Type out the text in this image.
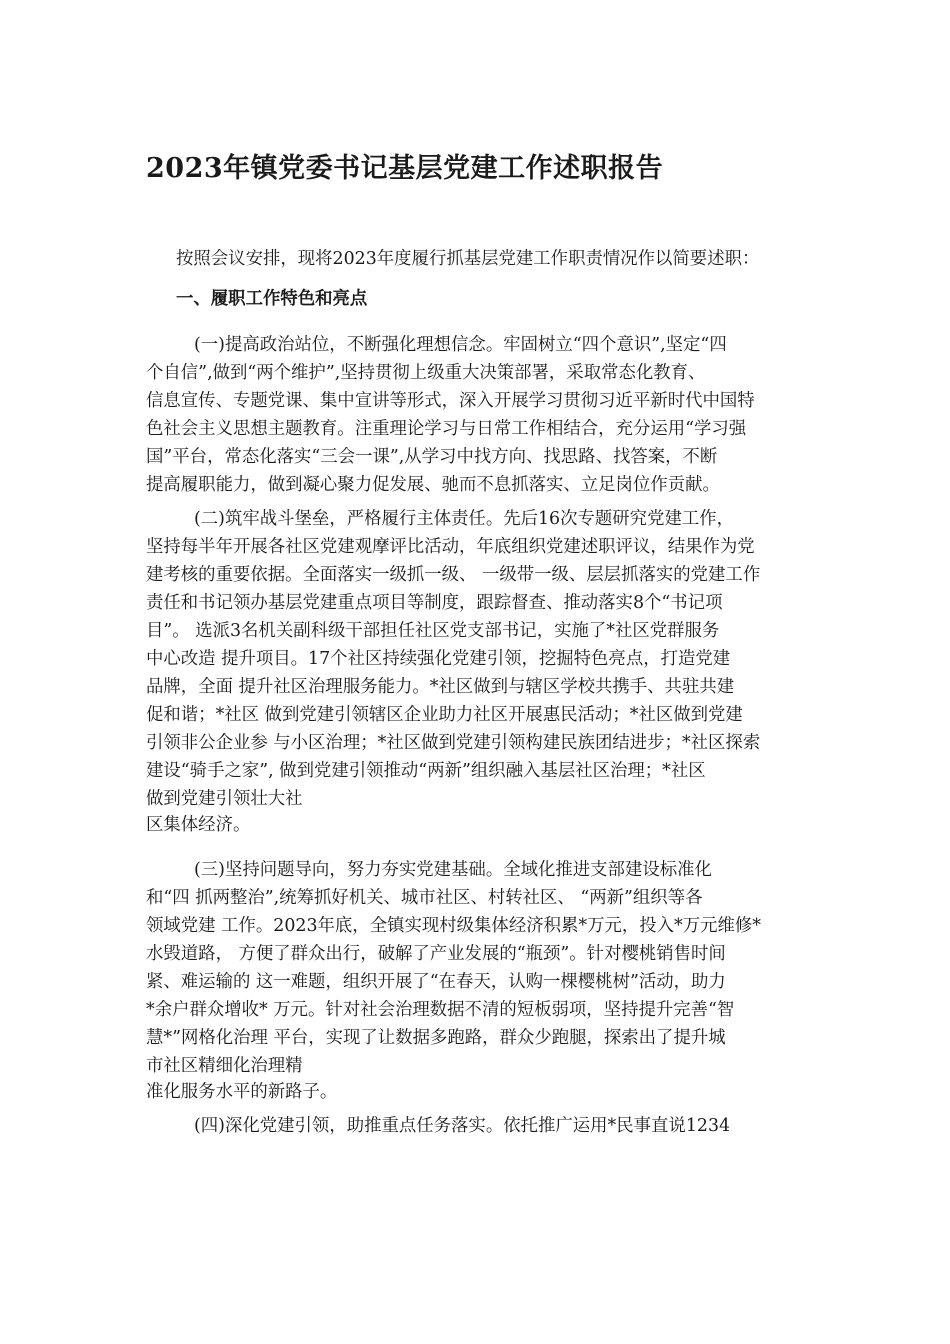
2023年镇党委书记基层党建工作述职报告
按照会议安排，现将2023年度履行抓基层党建工作职责情况作以简要述职：
一、履职工作特色和亮点
(一)提高政治站位，不断强化理想信念。牢固树立“四个意识”,坚定“四
个自信”,做到“两个维护”,坚持贯彻上级重大决策部署，采取常态化教育、
信息宣传、专题党课、集中宣讲等形式，深入开展学习贯彻习近平新时代中国特
色社会主义思想主题教育。注重理论学习与日常工作相结合，充分运用“学习强
国”平台，常态化落实“三会一课”,从学习中找方向、找思路、找答案，不断
提高履职能力，做到凝心聚力促发展、驰而不息抓落实、立足岗位作贡献。
(二)筑牢战斗堡垒，严格履行主体责任。先后16次专题研究党建工作，
坚持每半年开展各社区党建观摩评比活动，年底组织党建述职评议，结果作为党
建考核的重要依据。全面落实一级抓一级、 一级带一级、层层抓落实的党建工作
责任和书记领办基层党建重点项目等制度，跟踪督查、推动落实8个“书记项
目”。 选派3名机关副科级干部担任社区党支部书记，实施了*社区党群服务
中心改造 提升项目。17个社区持续强化党建引领，挖掘特色亮点，打造党建
品牌，全面 提升社区治理服务能力。*社区做到与辖区学校共携手、共驻共建
促和谐；*社区 做到党建引领辖区企业助力社区开展惠民活动；*社区做到党建
引领非公企业参 与小区治理；*社区做到党建引领构建民族团结进步；*社区探索
建设“骑手之家”, 做到党建引领推动“两新”组织融入基层社区治理；*社区
做到党建引领壮大社
区集体经济。
(三)坚持问题导向，努力夯实党建基础。全域化推进支部建设标准化
和“四 抓两整治”,统筹抓好机关、城市社区、村转社区、 “两新”组织等各
领域党建 工作。2023年底，全镇实现村级集体经济积累*万元，投入*万元维修*
水毁道路， 方便了群众出行，破解了产业发展的“瓶颈”。针对樱桃销售时间
紧、难运输的 这一难题，组织开展了“在春天，认购一棵樱桃树”活动，助力
*余户群众增收* 万元。针对社会治理数据不清的短板弱项，坚持提升完善“智
慧*”网格化治理 平台，实现了让数据多跑路，群众少跑腿，探索出了提升城
市社区精细化治理精
准化服务水平的新路子。
(四)深化党建引领，助推重点任务落实。依托推广运用*民事直说1234
